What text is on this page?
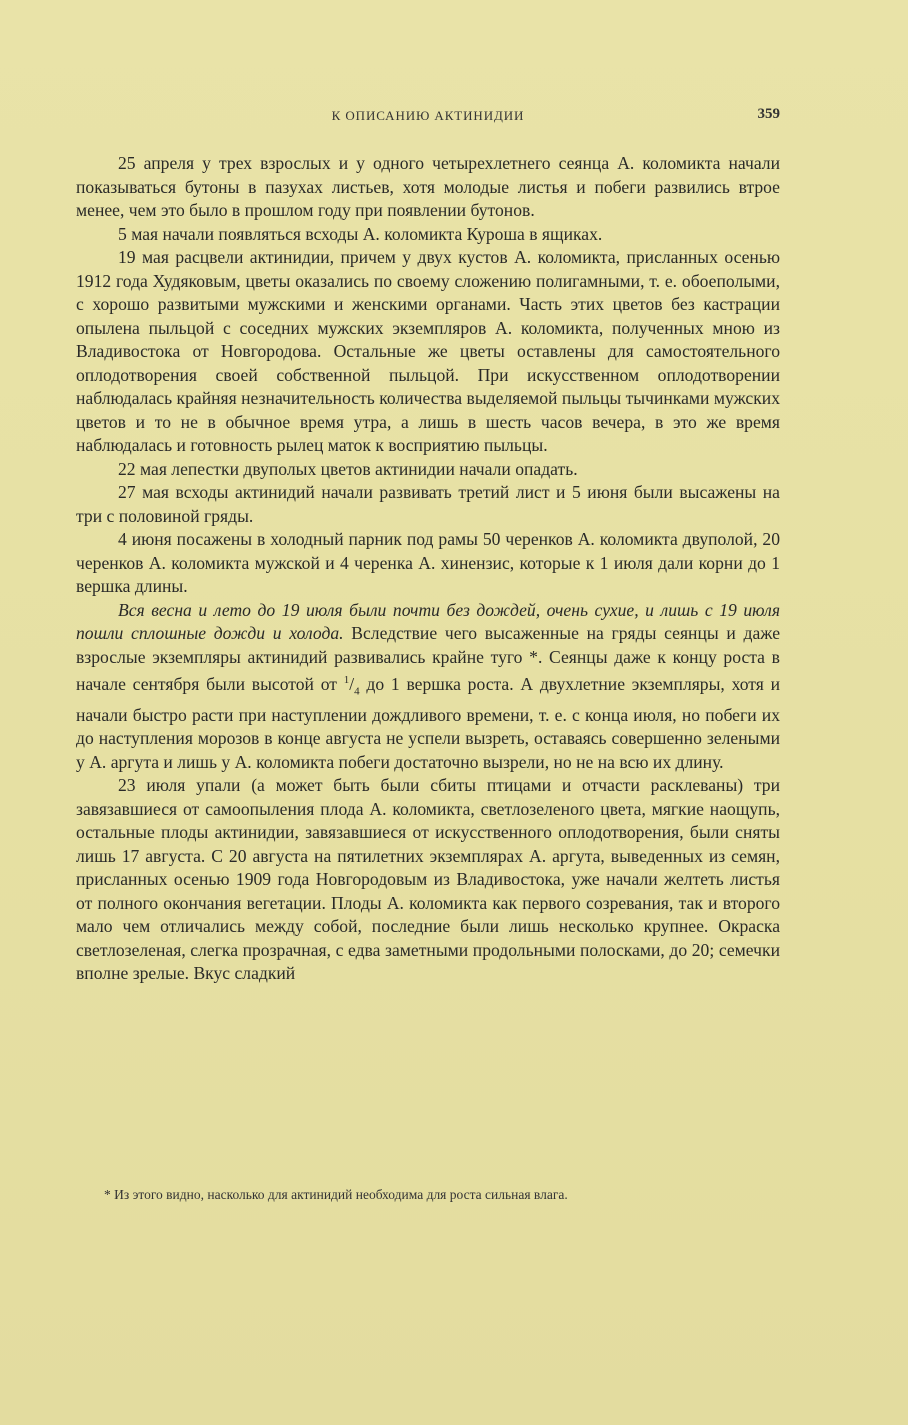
К ОПИСАНИЮ АКТИНИДИИ	359

25 апреля у трех взрослых и у одного четырехлетнего сеянца А. коломикта начали показываться бутоны в пазухах листьев, хотя молодые листья и побеги развились втрое менее, чем это было в прошлом году при появлении бутонов.

5 мая начали появляться всходы А. коломикта Куроша в ящиках.

19 мая расцвели актинидии, причем у двух кустов А. коломикта, присланных осенью 1912 года Худяковым, цветы оказались по своему сложению полигамными, т. е. обоеполыми, с хорошо развитыми мужскими и женскими органами. Часть этих цветов без кастрации опылена пыльцой с соседних мужских экземпляров А. коломикта, полученных мною из Владивостока от Новгородова. Остальные же цветы оставлены для самостоятельного оплодотворения своей собственной пыльцой. При искусственном оплодотворении наблюдалась крайняя незначительность количества выделяемой пыльцы тычинками мужских цветов и то не в обычное время утра, а лишь в шесть часов вечера, в это же время наблюдалась и готовность рылец маток к восприятию пыльцы.

22 мая лепестки двуполых цветов актинидии начали опадать.

27 мая всходы актинидий начали развивать третий лист и 5 июня были высажены на три с половиной гряды.

4 июня посажены в холодный парник под рамы 50 черенков А. коломикта двуполой, 20 черенков А. коломикта мужской и 4 черенка А. хинензис, которые к 1 июля дали корни до 1 вершка длины.

Вся весна и лето до 19 июля были почти без дождей, очень сухие, и лишь с 19 июля пошли сплошные дожди и холода. Вследствие чего высаженные на гряды сеянцы и даже взрослые экземпляры актинидий развивались крайне туго *. Сеянцы даже к концу роста в начале сентября были высотой от $^1/_4$ до 1 вершка роста. А двухлетние экземпляры, хотя и начали быстро расти при наступлении дождливого времени, т. е. с конца июля, но побеги их до наступления морозов в конце августа не успели вызреть, оставаясь совершенно зелеными у А. аргута и лишь у А. коломикта побеги достаточно вызрели, но не на всю их длину.

23 июля упали (а может быть были сбиты птицами и отчасти расклеваны) три завязавшиеся от самоопыления плода А. коломикта, светлозеленого цвета, мягкие наощупь, остальные плоды актинидии, завязавшиеся от искусственного оплодотворения, были сняты лишь 17 августа. С 20 августа на пятилетних экземплярах А. аргута, выведенных из семян, присланных осенью 1909 года Новгородовым из Владивостока, уже начали желтеть листья от полного окончания вегетации. Плоды А. коломикта как первого созревания, так и второго мало чем отличались между собой, последние были лишь несколько крупнее. Окраска светлозеленая, слегка прозрачная, с едва заметными продольными полосками, до 20; семечки вполне зрелые. Вкус сладкий

* Из этого видно, насколько для актинидий необходима для роста сильная влага.
